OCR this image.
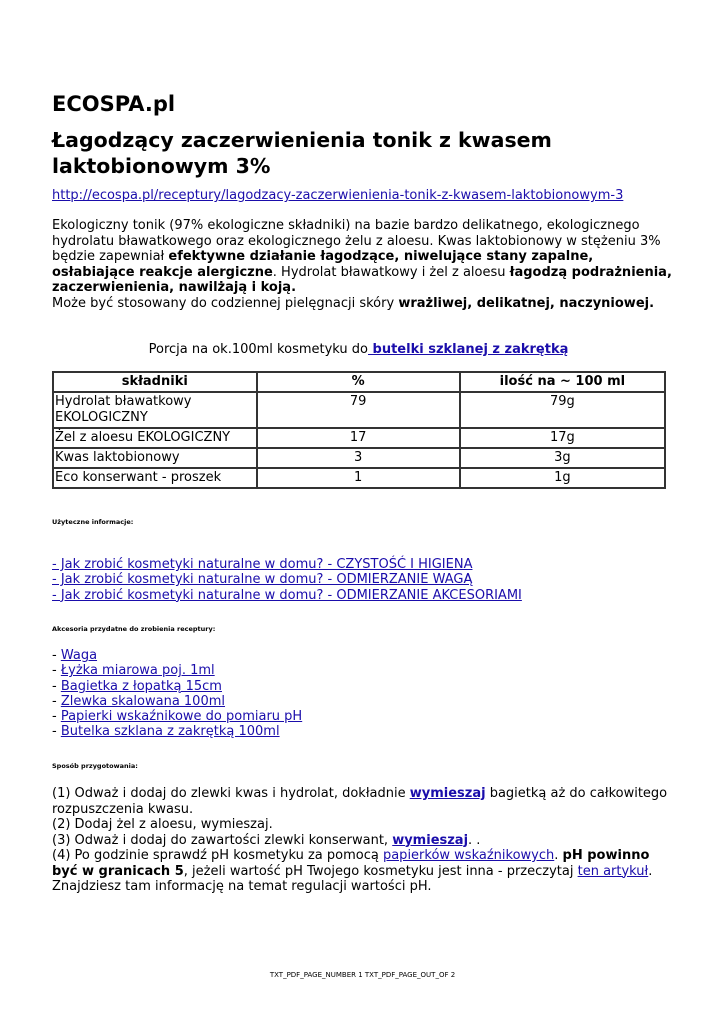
ECOSPA.pl
Łagodzący zaczerwienienia tonik z kwasem laktobionowym 3%
http://ecospa.pl/receptury/lagodzacy-zaczerwienienia-tonik-z-kwasem-laktobionowym-3

Ekologiczny tonik (97% ekologiczne składniki) na bazie bardzo delikatnego, ekologicznego hydrolatu bławatkowego oraz ekologicznego żelu z aloesu. Kwas laktobionowy w stężeniu 3% będzie zapewniał efektywne działanie łagodzące, niwelujące stany zapalne, osłabiające reakcje alergiczne. Hydrolat bławatkowy i żel z aloesu łagodzą podrażnienia, zaczerwienienia, nawilżają i koją.

Może być stosowany do codziennej pielęgnacji skóry wrażliwej, delikatnej, naczyniowej.

Porcja na ok.100ml kosmetyku do butelki szklanej z zakrętką
składniki	%	ilość na ~ 100 ml
Hydrolat bławatkowy EKOLOGICZNY	79	79g
Żel z aloesu EKOLOGICZNY	17	17g
Kwas laktobionowy	3	3g
Eco konserwant - proszek	1	1g

Użyteczne informacje:

- Jak zrobić kosmetyki naturalne w domu? - CZYSTOŚĆ I HIGIENA
- Jak zrobić kosmetyki naturalne w domu? - ODMIERZANIE WAGĄ
- Jak zrobić kosmetyki naturalne w domu? - ODMIERZANIE AKCESORIAMI

Akcesoria przydatne do zrobienia receptury:

- Waga
- Łyżka miarowa poj. 1ml
- Bagietka z łopatką 15cm
- Zlewka skalowana 100ml
- Papierki wskaźnikowe do pomiaru pH
- Butelka szklana z zakrętką 100ml

Sposób przygotowania:

(1) Odważ i dodaj do zlewki kwas i hydrolat, dokładnie wymieszaj bagietką aż do całkowitego rozpuszczenia kwasu.

(2) Dodaj żel z aloesu, wymieszaj.

(3) Odważ i dodaj do zawartości zlewki konserwant, wymieszaj. .

(4) Po godzinie sprawdź pH kosmetyku za pomocą papierków wskaźnikowych. pH powinno być w granicach 5, jeżeli wartość pH Twojego kosmetyku jest inna - przeczytaj ten artykuł. Znajdziesz tam informację na temat regulacji wartości pH.

TXT_PDF_PAGE_NUMBER 1 TXT_PDF_PAGE_OUT_OF 2
